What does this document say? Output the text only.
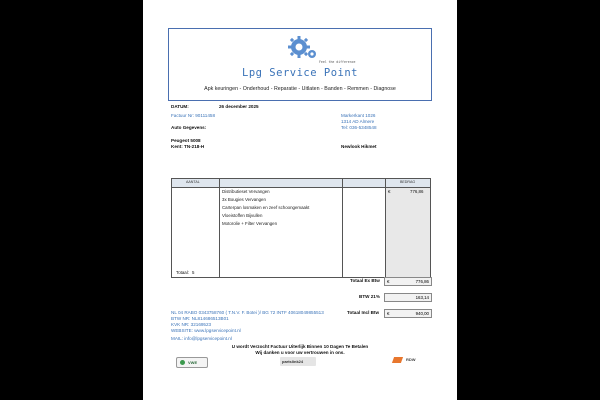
Feel the difference
Lpg Service Point
Apk keuringen - Onderhoud - Reparatie - Uitlaten - Banden - Remmen - Diagnose
DATUM:	26 december 2025
Factuur Nr: 90111458	Markerkant 1026
1314 AD Almere
Tel: 036-5348548
Auto Gegevens:
Peugeot 5008
Kent: TN-218-H	Newlook Hikmet
AANTAL	BEDRAG
Distributieset Vervangen
3x Bougies Vervangen
Carterpan losmaken en zeef schoongemaakt
Vloeistoffen Bijvullen
Motorolie + Filter Vervangen
€	776,86
Totaal: 5
Totaal Ex Btw €	776,86
BTW 21%	163,14
Totaal Incl Btw €	940,00
NL 04 RABO 0343758760 ( T.N.V. F. Botei )/ BG 72 INTF 40618049855513
BTW NR: NL814686513B01
KVK NR: 32169523
WEBSITE: www.lpgservicepoint.nl
MAIL: info@lpgservicepoint.nl
U wordt Verzocht Factuur Uiterlijk Binnen 10 Dagen Te Betalen
Wij danken u voor uw vertrouwen in ons.
VWE	partslink24	RDW
